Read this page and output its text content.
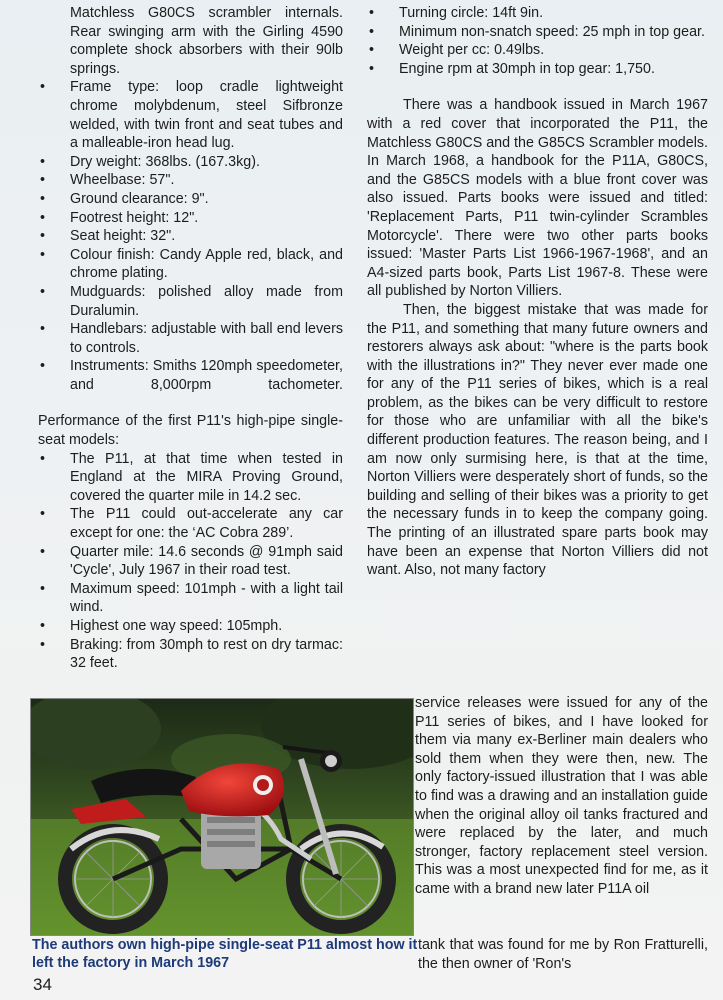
Matchless G80CS scrambler internals. Rear swinging arm with the Girling 4590 complete shock absorbers with their 90lb springs.

• Frame type: loop cradle lightweight chrome molybdenum, steel Sifbronze welded, with twin front and seat tubes and a malleable-iron head lug.
• Dry weight: 368lbs. (167.3kg).
• Wheelbase: 57".
• Ground clearance: 9".
• Footrest height: 12".
• Seat height: 32".
• Colour finish: Candy Apple red, black, and chrome plating.
• Mudguards: polished alloy made from Duralumin.
• Handlebars: adjustable with ball end levers to controls.
• Instruments: Smiths 120mph speedometer, and 8,000rpm tachometer.

Performance of the first P11's high-pipe single-seat models:

• The P11, at that time when tested in England at the MIRA Proving Ground, covered the quarter mile in 14.2 sec.
• The P11 could out-accelerate any car except for one: the ‘AC Cobra 289’.
• Quarter mile: 14.6 seconds @ 91mph said 'Cycle', July 1967 in their road test.
• Maximum speed: 101mph - with a light tail wind.
• Highest one way speed: 105mph.
• Braking: from 30mph to rest on dry tarmac: 32 feet.
• Turning circle: 14ft 9in.
• Minimum non-snatch speed: 25 mph in top gear.
• Weight per cc: 0.49lbs.
• Engine rpm at 30mph in top gear: 1,750.

There was a handbook issued in March 1967 with a red cover that incorporated the P11, the Matchless G80CS and the G85CS Scrambler models. In March 1968, a handbook for the P11A, G80CS, and the G85CS models with a blue front cover was also issued. Parts books were issued and titled: 'Replacement Parts, P11 twin-cylinder Scrambles Motorcycle'. There were two other parts books issued: 'Master Parts List 1966-1967-1968', and an A4-sized parts book, Parts List 1967-8. These were all published by Norton Villiers.

Then, the biggest mistake that was made for the P11, and something that many future owners and restorers always ask about: "where is the parts book with the illustrations in?" They never ever made one for any of the P11 series of bikes, which is a real problem, as the bikes can be very difficult to restore for those who are unfamiliar with all the bike's different production features. The reason being, and I am now only surmising here, is that at the time, Norton Villiers were desperately short of funds, so the building and selling of their bikes was a priority to get the necessary funds in to keep the company going. The printing of an illustrated spare parts book may have been an expense that Norton Villiers did not want. Also, not many factory

The authors own high-pipe single-seat P11 almost how it left the factory in March 1967

service releases were issued for any of the P11 series of bikes, and I have looked for them via many ex-Berliner main dealers who sold them when they were then, new. The only factory-issued illustration that I was able to find was a drawing and an installation guide when the original alloy oil tanks fractured and were replaced by the later, and much stronger, factory replacement steel version. This was a most unexpected find for me, as it came with a brand new later P11A oil

tank that was found for me by Ron Fratturelli, the then owner of 'Ron's

34
